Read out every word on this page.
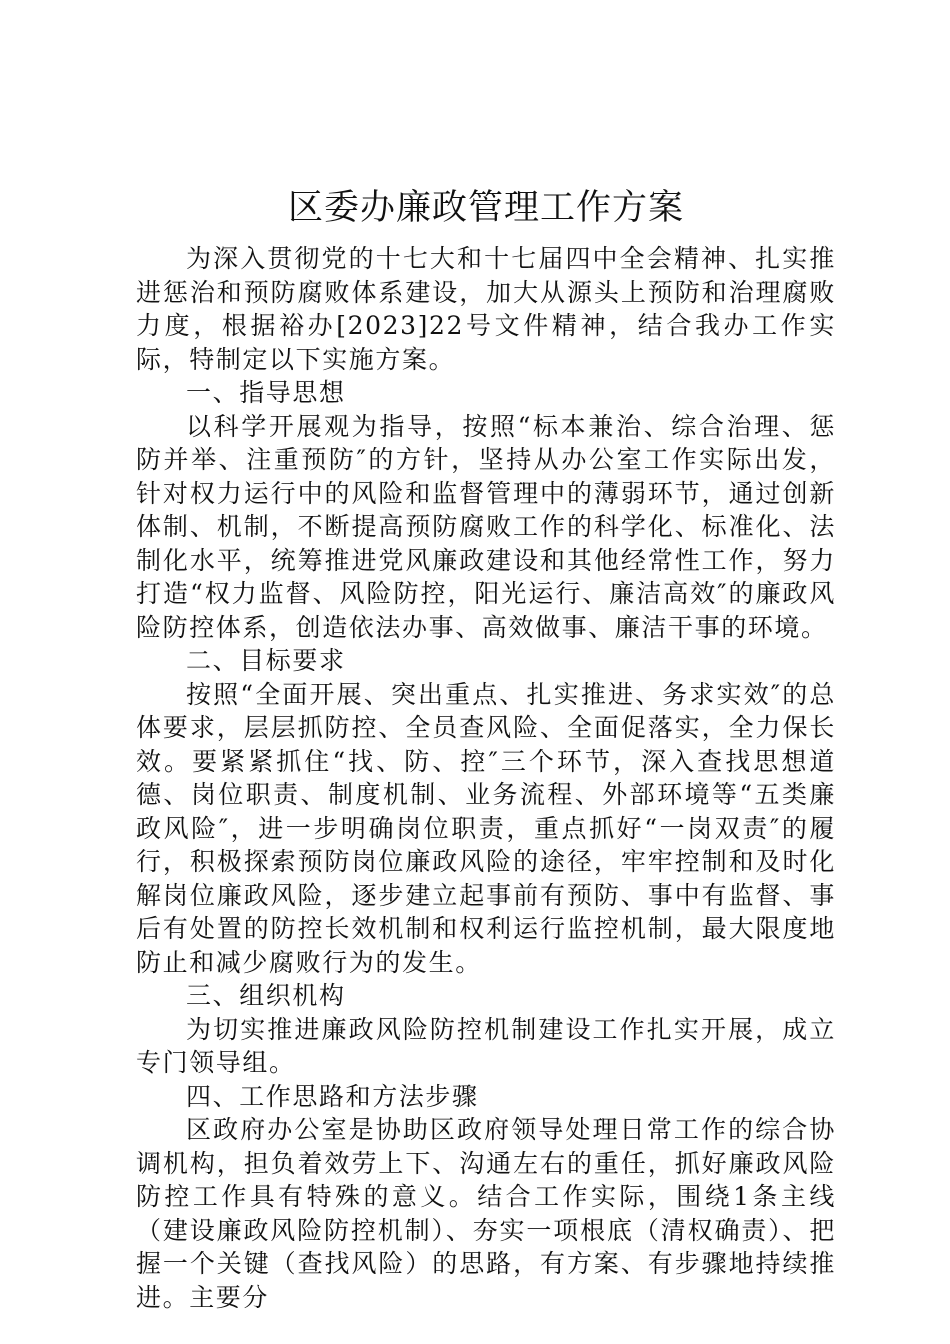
区委办廉政管理工作方案

为深入贯彻党的十七大和十七届四中全会精神、扎实推进惩治和预防腐败体系建设，加大从源头上预防和治理腐败力度，根据裕办[2023]22号文件精神，结合我办工作实际，特制定以下实施方案。

一、指导思想

以科学开展观为指导，按照“标本兼治、综合治理、惩防并举、注重预防″的方针，坚持从办公室工作实际出发，针对权力运行中的风险和监督管理中的薄弱环节，通过创新体制、机制，不断提高预防腐败工作的科学化、标准化、法制化水平，统筹推进党风廉政建设和其他经常性工作，努力打造“权力监督、风险防控，阳光运行、廉洁高效″的廉政风险防控体系，创造依法办事、高效做事、廉洁干事的环境。

二、目标要求

按照“全面开展、突出重点、扎实推进、务求实效″的总体要求，层层抓防控、全员查风险、全面促落实，全力保长效。要紧紧抓住“找、防、控″三个环节，深入查找思想道德、岗位职责、制度机制、业务流程、外部环境等“五类廉政风险″，进一步明确岗位职责，重点抓好“一岗双责″的履行，积极探索预防岗位廉政风险的途径，牢牢控制和及时化解岗位廉政风险，逐步建立起事前有预防、事中有监督、事后有处置的防控长效机制和权利运行监控机制，最大限度地防止和减少腐败行为的发生。

三、组织机构

为切实推进廉政风险防控机制建设工作扎实开展，成立专门领导组。

四、工作思路和方法步骤

区政府办公室是协助区政府领导处理日常工作的综合协调机构，担负着效劳上下、沟通左右的重任，抓好廉政风险防控工作具有特殊的意义。结合工作实际，围绕1条主线（建设廉政风险防控机制）、夯实一项根底（清权确责）、把握一个关键（查找风险）的思路，有方案、有步骤地持续推进。主要分
